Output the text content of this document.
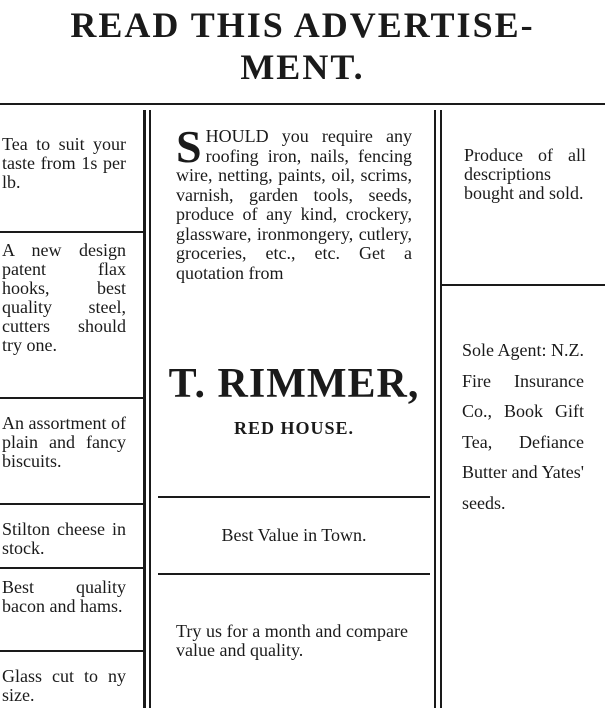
READ THIS ADVERTISE-
MENT.
Tea to suit your taste from 1s per lb.
A new design patent flax hooks, best quality steel, cutters should try one.
An assortment of plain and fancy biscuits.
Stilton cheese in stock.
Best quality bacon and hams.
Glass cut to ny size.
SHOULD you require any roofing iron, nails, fencing wire, netting, paints, oil, scrims, varnish, garden tools, seeds, produce of any kind, crockery, glassware, ironmongery, cutlery, groceries, etc., etc. Get a quotation from
T. RIMMER,
RED HOUSE.
Best Value in Town.
Try us for a month and compare value and quality.
Produce of all descriptions bought and sold.
Sole Agent: N.Z. Fire Insurance Co., Book Gift Tea, Defiance Butter and Yates' seeds.
